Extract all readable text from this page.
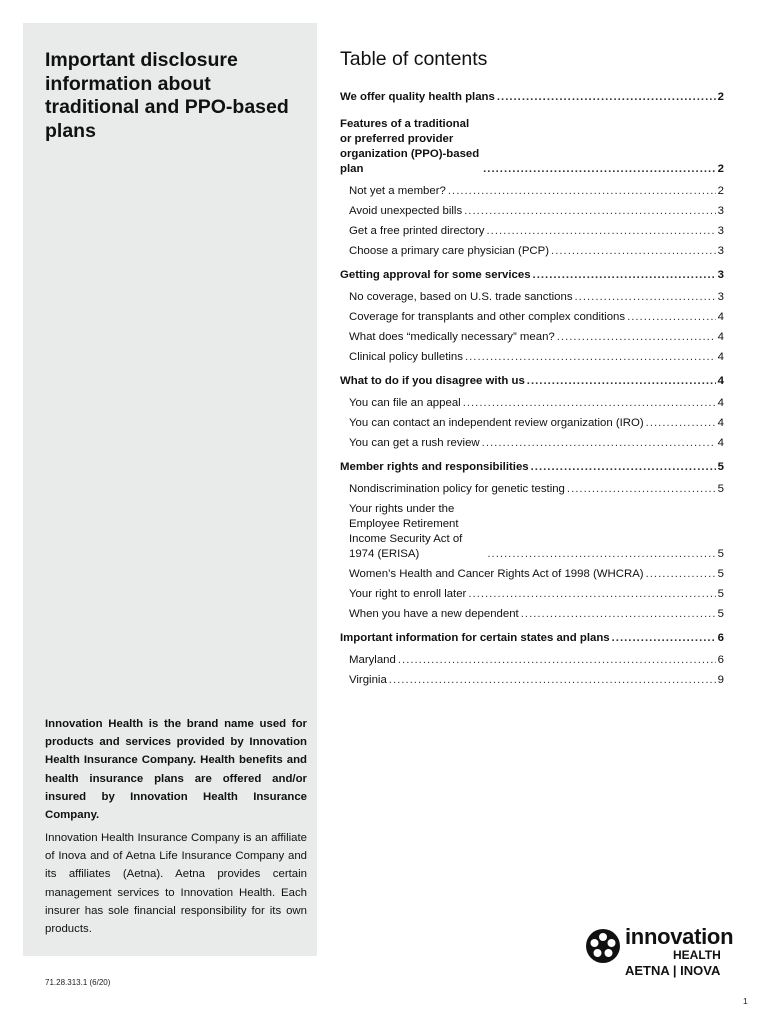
Important disclosure information about traditional and PPO-based plans

Innovation Health is the brand name used for products and services provided by Innovation Health Insurance Company. Health benefits and health insurance plans are offered and/or insured by Innovation Health Insurance Company.

Innovation Health Insurance Company is an affiliate of Inova and of Aetna Life Insurance Company and its affiliates (Aetna). Aetna provides certain management services to Innovation Health. Each insurer has sole financial responsibility for its own products.

Table of contents
We offer quality health plans .....	2
Features of a traditional or preferred provider organization (PPO)-based plan .....	2
Not yet a member? .....	2
Avoid unexpected bills .....	3
Get a free printed directory .....	3
Choose a primary care physician (PCP) .....	3
Getting approval for some services .....	3
No coverage, based on U.S. trade sanctions .....	3
Coverage for transplants and other complex conditions .....	4
What does “medically necessary” mean? .....	4
Clinical policy bulletins .....	4
What to do if you disagree with us .....	4
You can file an appeal .....	4
You can contact an independent review organization (IRO) .....	4
You can get a rush review .....	4
Member rights and responsibilities .....	5
Nondiscrimination policy for genetic testing .....	5
Your rights under the Employee Retirement Income Security Act of 1974 (ERISA) .....	5
Women’s Health and Cancer Rights Act of 1998 (WHCRA) .....	5
Your right to enroll later .....	5
When you have a new dependent .....	5
Important information for certain states and plans .....	6
Maryland .....	6
Virginia .....	9
71.28.313.1 (6/20)
1
innovation
HEALTH
AETNA | INOVA
